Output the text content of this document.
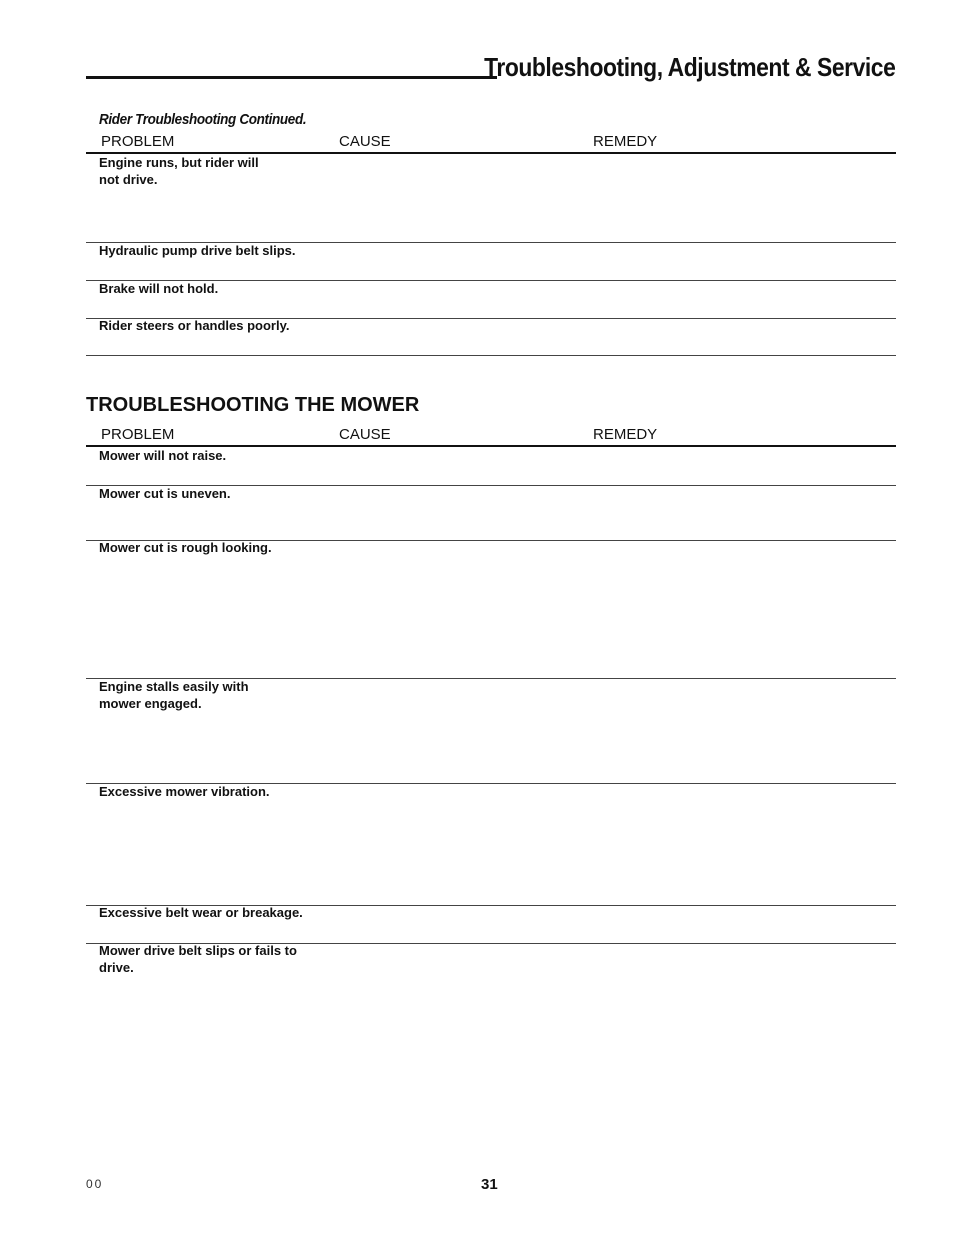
Troubleshooting, Adjustment & Service
Rider Troubleshooting Continued.
PROBLEM	CAUSE	REMEDY
Engine runs, but rider will
not drive.
Hydraulic pump drive belt slips.
Brake will not hold.
Rider steers or handles poorly.
TROUBLESHOOTING THE MOWER
PROBLEM	CAUSE	REMEDY
Mower will not raise.
Mower cut is uneven.
Mower cut is rough looking.
Engine stalls easily with
mower engaged.
Excessive mower vibration.
Excessive belt wear or breakage.
Mower drive belt slips or fails to
drive.
00	31
